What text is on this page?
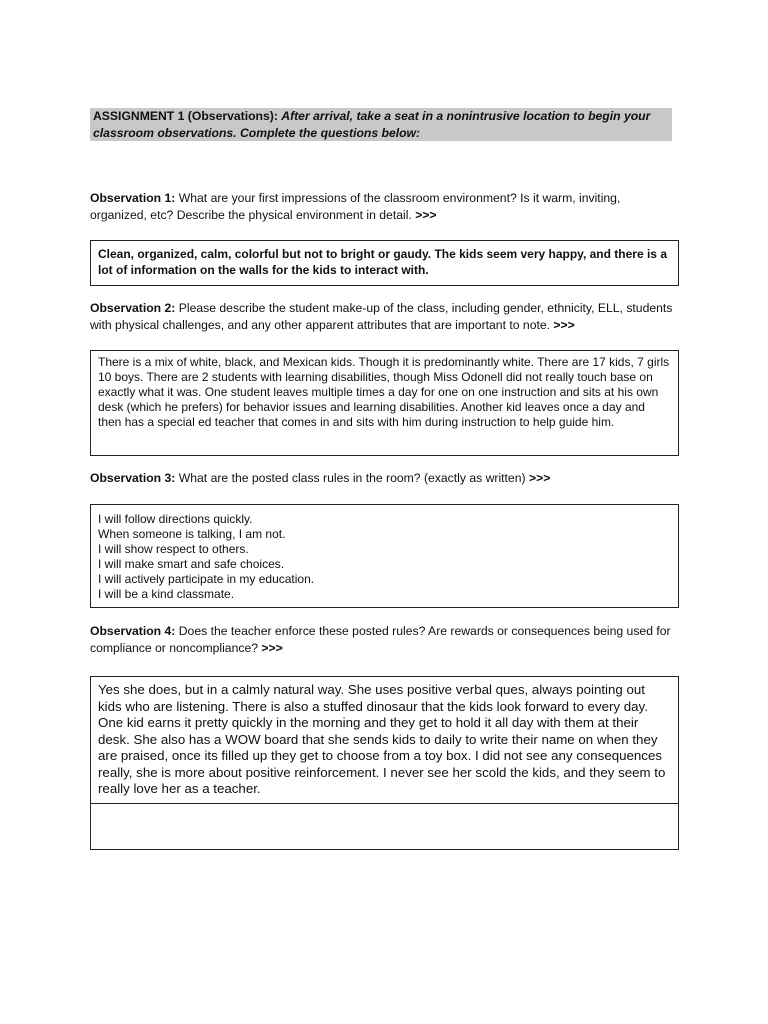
ASSIGNMENT 1 (Observations): After arrival, take a seat in a nonintrusive location to begin your classroom observations. Complete the questions below:
Observation 1: What are your first impressions of the classroom environment? Is it warm, inviting, organized, etc? Describe the physical environment in detail. >>>
Clean, organized, calm, colorful but not to bright or gaudy. The kids seem very happy, and there is a lot of information on the walls for the kids to interact with.
Observation 2: Please describe the student make-up of the class, including gender, ethnicity, ELL, students with physical challenges, and any other apparent attributes that are important to note. >>>
There is a mix of white, black, and Mexican kids. Though it is predominantly white. There are 17 kids, 7 girls 10 boys. There are 2 students with learning disabilities, though Miss Odonell did not really touch base on exactly what it was. One student leaves multiple times a day for one on one instruction and sits at his own desk (which he prefers) for behavior issues and learning disabilities. Another kid leaves once a day and then has a special ed teacher that comes in and sits with him during instruction to help guide him.
Observation 3: What are the posted class rules in the room? (exactly as written) >>>
I will follow directions quickly.
When someone is talking, I am not.
I will show respect to others.
I will make smart and safe choices.
I will actively participate in my education.
I will be a kind classmate.
Observation 4: Does the teacher enforce these posted rules? Are rewards or consequences being used for compliance or noncompliance? >>>
Yes she does, but in a calmly natural way. She uses positive verbal ques, always pointing out kids who are listening. There is also a stuffed dinosaur that the kids look forward to every day. One kid earns it pretty quickly in the morning and they get to hold it all day with them at their desk. She also has a WOW board that she sends kids to daily to write their name on when they are praised, once its filled up they get to choose from a toy box. I did not see any consequences really, she is more about positive reinforcement. I never see her scold the kids, and they seem to really love her as a teacher.
